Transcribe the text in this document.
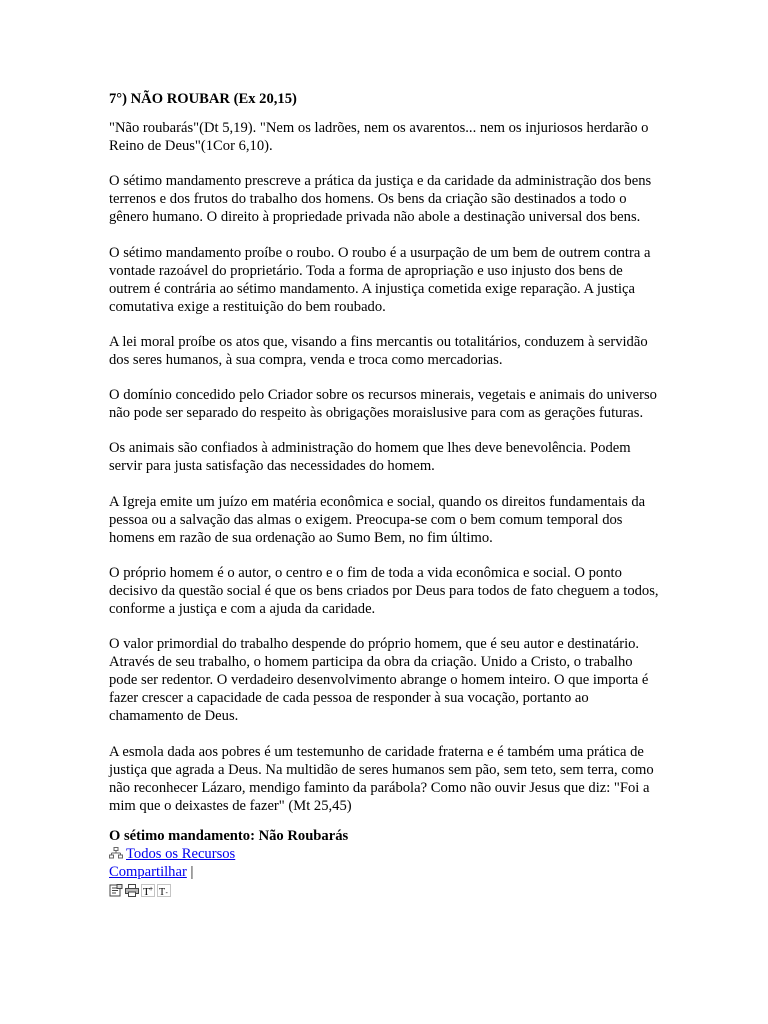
7°) NÃO ROUBAR (Ex 20,15)

"Não roubarás"(Dt 5,19). "Nem os ladrões, nem os avarentos... nem os injuriosos herdarão o Reino de Deus"(1Cor 6,10).

O sétimo mandamento prescreve a prática da justiça e da caridade da administração dos bens terrenos e dos frutos do trabalho dos homens. Os bens da criação são destinados a todo o gênero humano. O direito à propriedade privada não abole a destinação universal dos bens.

O sétimo mandamento proíbe o roubo. O roubo é a usurpação de um bem de outrem contra a vontade razoável do proprietário. Toda a forma de apropriação e uso injusto dos bens de outrem é contrária ao sétimo mandamento. A injustiça cometida exige reparação. A justiça comutativa exige a restituição do bem roubado.

A lei moral proíbe os atos que, visando a fins mercantis ou totalitários, conduzem à servidão dos seres humanos, à sua compra, venda e troca como mercadorias.

O domínio concedido pelo Criador sobre os recursos minerais, vegetais e animais do universo não pode ser separado do respeito às obrigações moraislusive para com as gerações futuras.

Os animais são confiados à administração do homem que lhes deve benevolência. Podem servir para justa satisfação das necessidades do homem.

A Igreja emite um juízo em matéria econômica e social, quando os direitos fundamentais da pessoa ou a salvação das almas o exigem. Preocupa-se com o bem comum temporal dos homens em razão de sua ordenação ao Sumo Bem, no fim último.

O próprio homem é o autor, o centro e o fim de toda a vida econômica e social. O ponto decisivo da questão social é que os bens criados por Deus para todos de fato cheguem a todos, conforme a justiça e com a ajuda da caridade.

O valor primordial do trabalho despende do próprio homem, que é seu autor e destinatário. Através de seu trabalho, o homem participa da obra da criação. Unido a Cristo, o trabalho pode ser redentor. O verdadeiro desenvolvimento abrange o homem inteiro. O que importa é fazer crescer a capacidade de cada pessoa de responder à sua vocação, portanto ao chamamento de Deus.

A esmola dada aos pobres é um testemunho de caridade fraterna e é também uma prática de justiça que agrada a Deus. Na multidão de seres humanos sem pão, sem teto, sem terra, como não reconhecer Lázaro, mendigo faminto da parábola? Como não ouvir Jesus que diz: "Foi a mim que o deixastes de fazer" (Mt 25,45)

O sétimo mandamento: Não Roubarás
Todos os Recursos
Compartilhar |
T + T -
